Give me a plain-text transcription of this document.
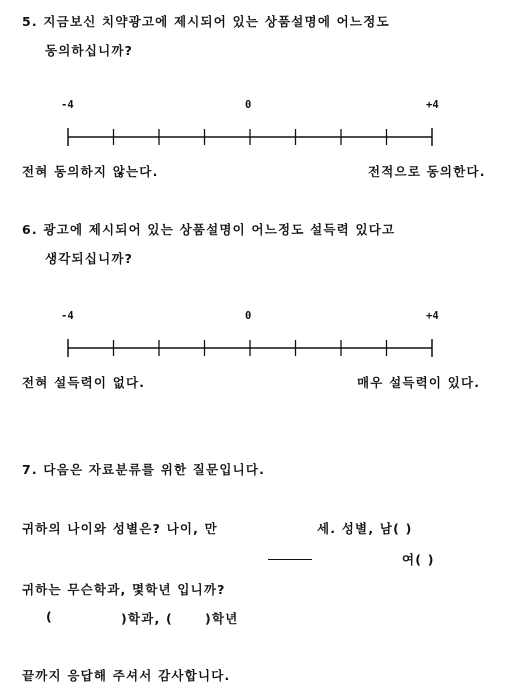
5. 지금보신 치약광고에 제시되어 있는 상품설명에 어느정도
동의하십니까?
-4	0	+4
전혀 동의하지 않는다.	전적으로 동의한다.
6. 광고에 제시되어 있는 상품설명이 어느정도 설득력 있다고
생각되십니까?
-4	0	+4
전혀 설득력이 없다.	매우 설득력이 있다.
7. 다음은 자료분류를 위한 질문입니다.
귀하의 나이와 성별은? 나이, 만	세. 성별, 남( )
여( )
귀하는 무슨학과, 몇학년 입니까?
(	)학과, (	)학년
끝까지 응답해 주셔서 감사합니다.
